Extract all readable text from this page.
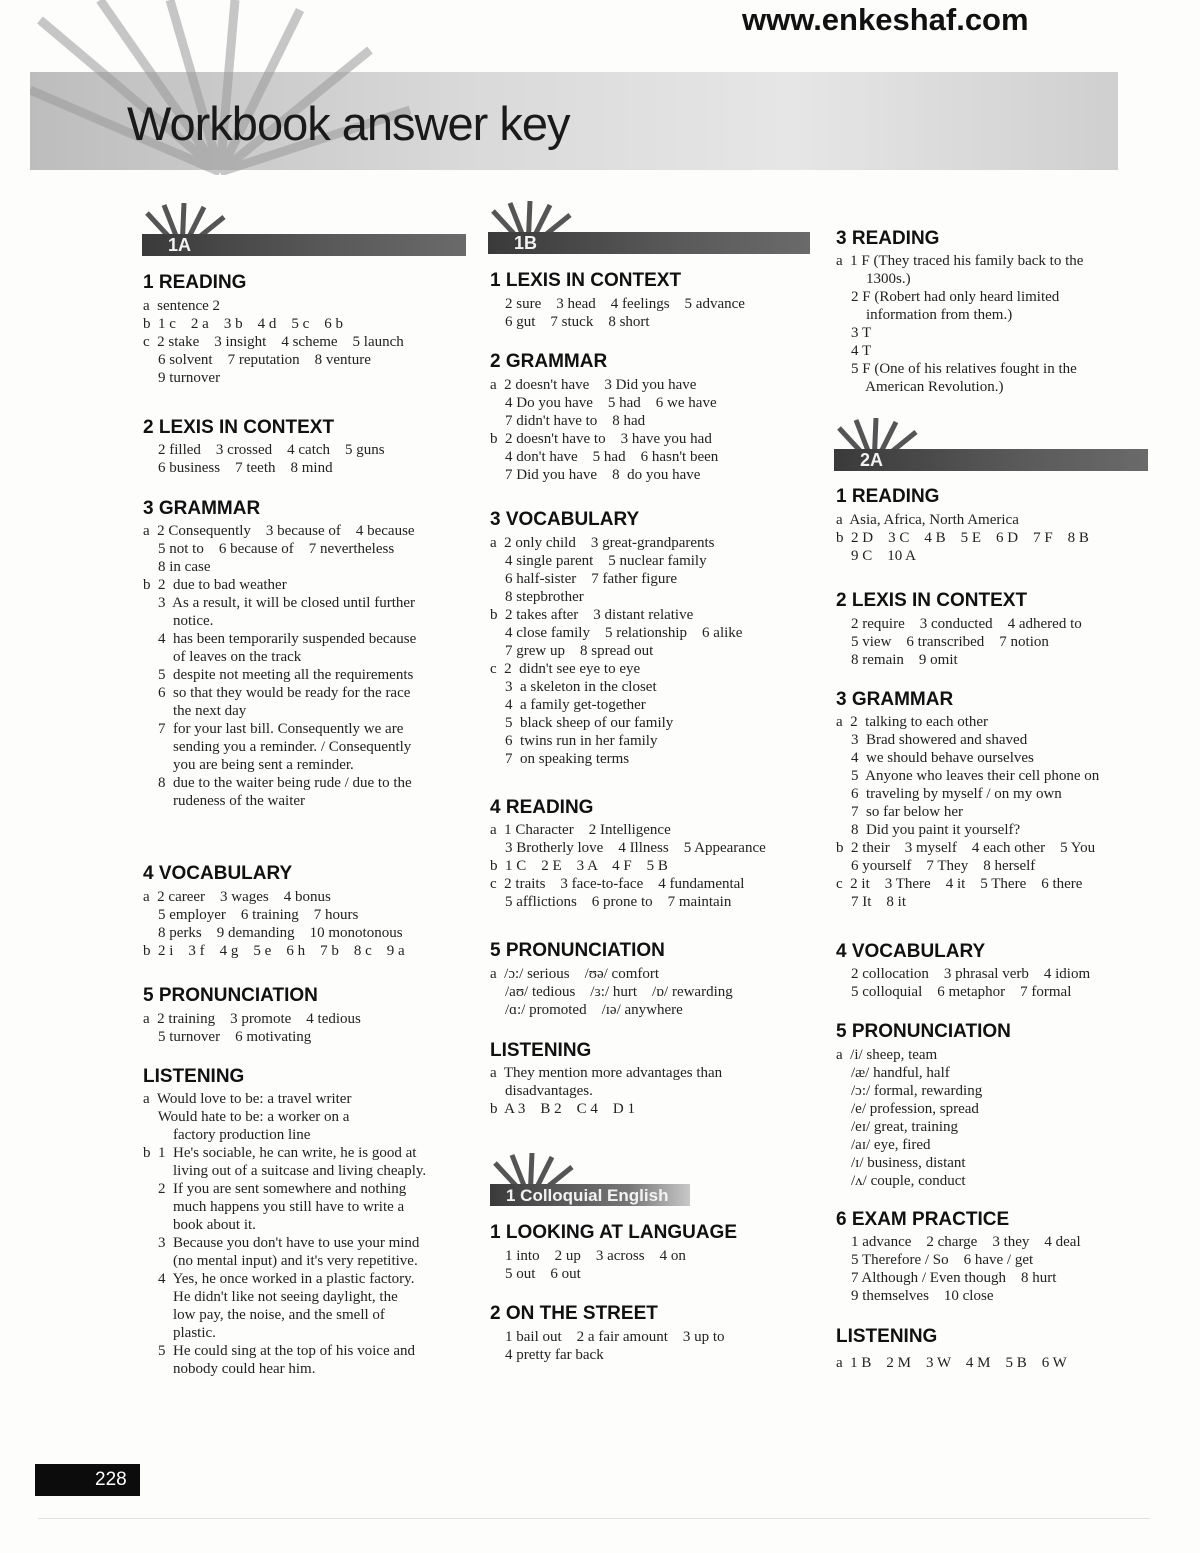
www.enkeshaf.com
Workbook answer key
1A	1B
2A
1 Colloquial English
1 READING
a  sentence 2
b  1 c    2 a    3 b    4 d    5 c    6 b
c  2 stake    3 insight    4 scheme    5 launch
6 solvent    7 reputation    8 venture
9 turnover
2 LEXIS IN CONTEXT
2 filled    3 crossed    4 catch    5 guns
6 business    7 teeth    8 mind
3 GRAMMAR
a  2 Consequently    3 because of    4 because
5 not to    6 because of    7 nevertheless
8 in case
b  2  due to bad weather
3  As a result, it will be closed until further
notice.
4  has been temporarily suspended because
of leaves on the track
5  despite not meeting all the requirements
6  so that they would be ready for the race
the next day
7  for your last bill. Consequently we are
sending you a reminder. / Consequently
you are being sent a reminder.
8  due to the waiter being rude / due to the
rudeness of the waiter
4 VOCABULARY
a  2 career    3 wages    4 bonus
5 employer    6 training    7 hours
8 perks    9 demanding    10 monotonous
b  2 i    3 f    4 g    5 e    6 h    7 b    8 c    9 a
5 PRONUNCIATION
a  2 training    3 promote    4 tedious
5 turnover    6 motivating
LISTENING
a  Would love to be: a travel writer
Would hate to be: a worker on a
factory production line
b  1  He's sociable, he can write, he is good at
living out of a suitcase and living cheaply.
2  If you are sent somewhere and nothing
much happens you still have to write a
book about it.
3  Because you don't have to use your mind
(no mental input) and it's very repetitive.
4  Yes, he once worked in a plastic factory.
He didn't like not seeing daylight, the
low pay, the noise, and the smell of
plastic.
5  He could sing at the top of his voice and
nobody could hear him.
1 LEXIS IN CONTEXT
2 sure    3 head    4 feelings    5 advance
6 gut    7 stuck    8 short
2 GRAMMAR
a  2 doesn't have    3 Did you have
4 Do you have    5 had    6 we have
7 didn't have to    8 had
b  2 doesn't have to    3 have you had
4 don't have    5 had    6 hasn't been
7 Did you have    8  do you have
3 VOCABULARY
a  2 only child    3 great-grandparents
4 single parent    5 nuclear family
6 half-sister    7 father figure
8 stepbrother
b  2 takes after    3 distant relative
4 close family    5 relationship    6 alike
7 grew up    8 spread out
c  2  didn't see eye to eye
3  a skeleton in the closet
4  a family get-together
5  black sheep of our family
6  twins run in her family
7  on speaking terms
4 READING
a  1 Character    2 Intelligence
3 Brotherly love    4 Illness    5 Appearance
b  1 C    2 E    3 A    4 F    5 B
c  2 traits    3 face-to-face    4 fundamental
5 afflictions    6 prone to    7 maintain
5 PRONUNCIATION
a  /ɔ:/ serious    /ʊə/ comfort
/aʊ/ tedious    /ɜ:/ hurt    /ɒ/ rewarding
/ɑ:/ promoted    /ɪə/ anywhere
LISTENING
a  They mention more advantages than
disadvantages.
b  A 3    B 2    C 4    D 1
1 LOOKING AT LANGUAGE
1 into    2 up    3 across    4 on
5 out    6 out
2 ON THE STREET
1 bail out    2 a fair amount    3 up to
4 pretty far back
3 READING
a  1 F (They traced his family back to the
1300s.)
2 F (Robert had only heard limited
information from them.)
3 T
4 T
5 F (One of his relatives fought in the
American Revolution.)
1 READING
a  Asia, Africa, North America
b  2 D    3 C    4 B    5 E    6 D    7 F    8 B
9 C    10 A
2 LEXIS IN CONTEXT
2 require    3 conducted    4 adhered to
5 view    6 transcribed    7 notion
8 remain    9 omit
3 GRAMMAR
a  2  talking to each other
3  Brad showered and shaved
4  we should behave ourselves
5  Anyone who leaves their cell phone on
6  traveling by myself / on my own
7  so far below her
8  Did you paint it yourself?
b  2 their    3 myself    4 each other    5 You
6 yourself    7 They    8 herself
c  2 it    3 There    4 it    5 There    6 there
7 It    8 it
4 VOCABULARY
2 collocation    3 phrasal verb    4 idiom
5 colloquial    6 metaphor    7 formal
5 PRONUNCIATION
a  /i/ sheep, team
/æ/ handful, half
/ɔ:/ formal, rewarding
/e/ profession, spread
/eɪ/ great, training
/aɪ/ eye, fired
/ɪ/ business, distant
/ʌ/ couple, conduct
6 EXAM PRACTICE
1 advance    2 charge    3 they    4 deal
5 Therefore / So    6 have / get
7 Although / Even though    8 hurt
9 themselves    10 close
LISTENING
a  1 B    2 M    3 W    4 M    5 B    6 W
228
